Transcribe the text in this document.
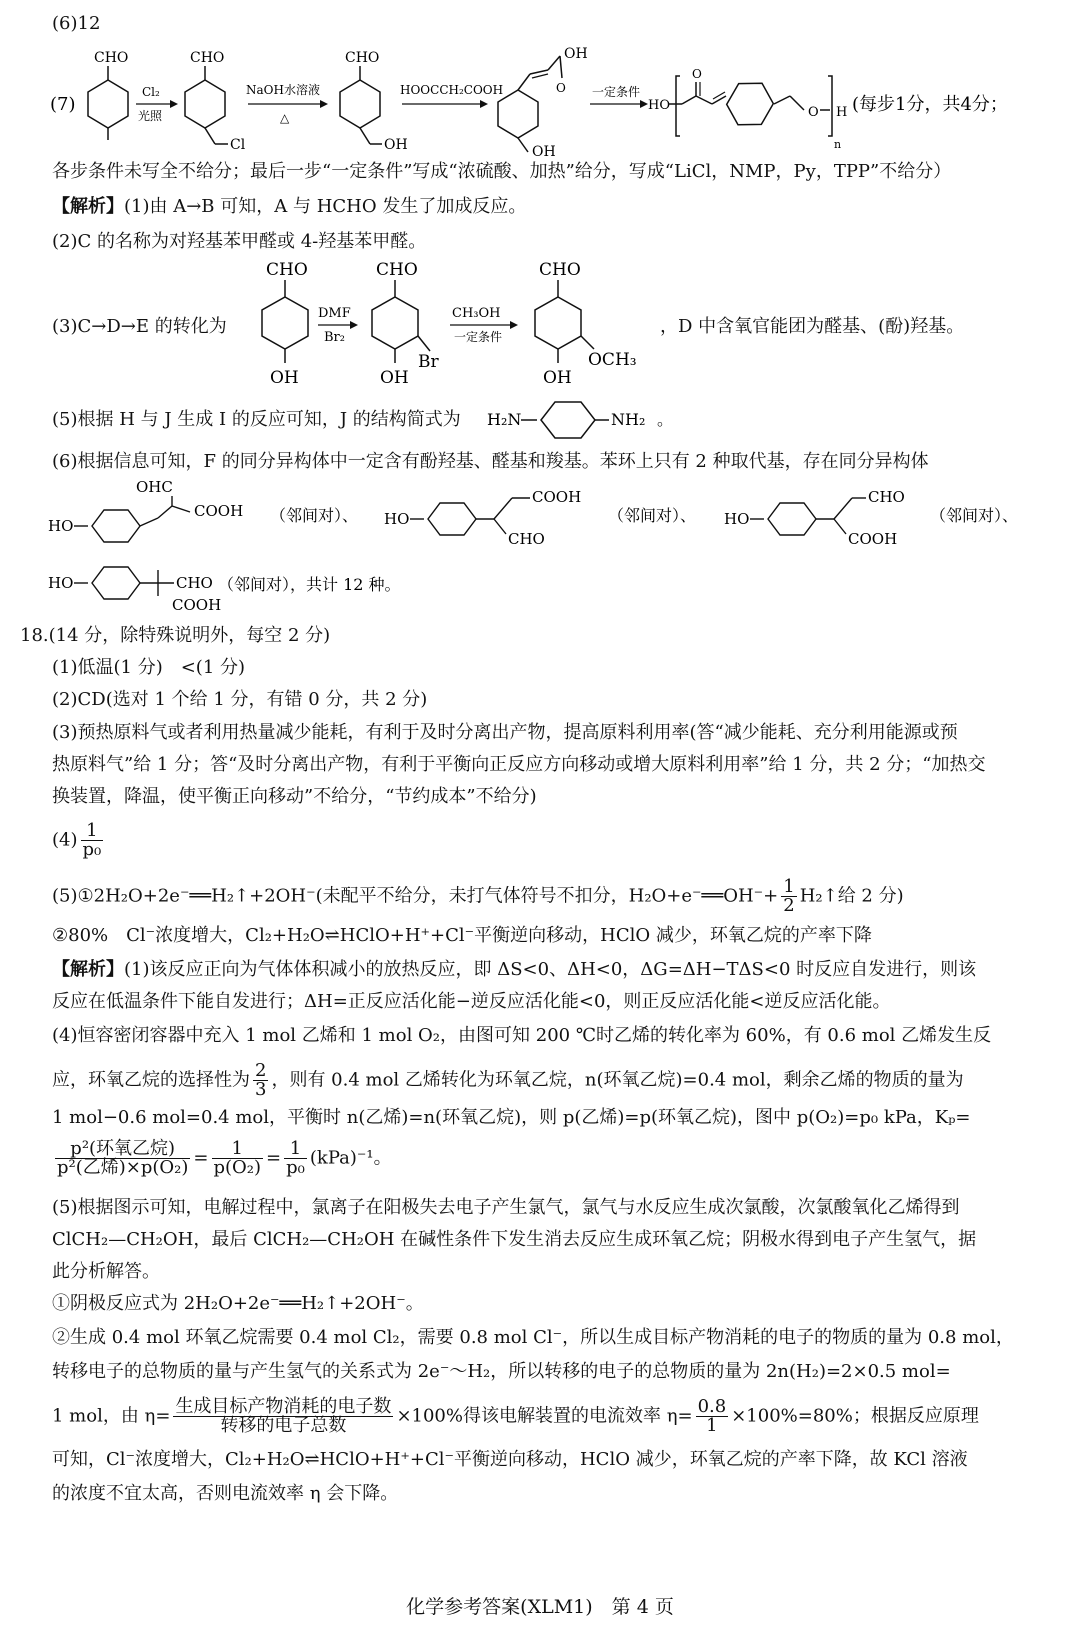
(6)12
(7)
CHO
Cl₂
光照
CHO
Cl
NaOH水溶液
△
CHO
OH
HOOCCH₂COOH
OH
O
OH
一定条件
HO
O
O H
n
(每步1分，共4分；
各步条件未写全不给分；最后一步“一定条件”写成“浓硫酸、加热”给分，写成“LiCl，NMP，Py，TPP”不给分）
【解析】(1)由 A→B 可知，A 与 HCHO 发生了加成反应。
(2)C 的名称为对羟基苯甲醛或 4-羟基苯甲醛。
(3)C→D→E 的转化为
CHO
OH
DMF
Br₂
CHO
OH
Br
CH₃OH
一定条件
CHO
OH
OCH₃
，D 中含氧官能团为醛基、(酚)羟基。
(5)根据 H 与 J 生成 I 的反应可知，J 的结构简式为	H₂N	NH₂ 。
(6)根据信息可知，F 的同分异构体中一定含有酚羟基、醛基和羧基。苯环上只有 2 种取代基，存在同分异构体
HO
OHC
COOH （邻间对）、 HO
COOH
CHO
（邻间对）、 HO
CHO
COOH
（邻间对）、
HO	CHO
COOH
（邻间对），共计 12 种。
18.(14 分，除特殊说明外，每空 2 分)
(1)低温(1 分)　<(1 分)
(2)CD(选对 1 个给 1 分，有错 0 分，共 2 分)
(3)预热原料气或者利用热量减少能耗，有利于及时分离出产物，提高原料利用率(答“减少能耗、充分利用能源或预
热原料气”给 1 分；答“及时分离出产物，有利于平衡向正反应方向移动或增大原料利用率”给 1 分，共 2 分；“加热交
换装置，降温，使平衡正向移动”不给分，“节约成本”不给分)
$(4) \frac{1}{\text{p₀}}$
(5)①2H₂O+2e⁻══H₂↑+2OH⁻(未配平不给分，未打气体符号不扣分，H₂O+e⁻══OH⁻+ $\frac{1}{2}$ H₂↑给 2 分)
②80%　Cl⁻浓度增大，Cl₂+H₂O⇌HClO+H⁺+Cl⁻平衡逆向移动，HClO 减少，环氧乙烷的产率下降
【解析】(1)该反应正向为气体体积减小的放热反应，即 ΔS<0、ΔH<0，ΔG=ΔH−TΔS<0 时反应自发进行，则该
反应在低温条件下能自发进行；ΔH=正反应活化能−逆反应活化能<0，则正反应活化能<逆反应活化能。
(4)恒容密闭容器中充入 1 mol 乙烯和 1 mol O₂，由图可知 200 ℃时乙烯的转化率为 60%，有 0.6 mol 乙烯发生反
应，环氧乙烷的选择性为 $\frac{2}{3}$ ，则有 0.4 mol 乙烯转化为环氧乙烷，n(环氧乙烷)=0.4 mol，剩余乙烯的物质的量为
1 mol−0.6 mol=0.4 mol，平衡时 n(乙烯)=n(环氧乙烷)，则 p(乙烯)=p(环氧乙烷)，图中 p(O₂)=p₀ kPa，Kₚ=
$\frac{\text{p²(环氧乙烷)}}{\text{p²(乙烯)×p(O₂)}} = \frac{1}{\text{p(O₂)}} = \frac{1}{\text{p₀}} (kPa)^{-1}$。
(5)根据图示可知，电解过程中，氯离子在阳极失去电子产生氯气，氯气与水反应生成次氯酸，次氯酸氧化乙烯得到
ClCH₂—CH₂OH，最后 ClCH₂—CH₂OH 在碱性条件下发生消去反应生成环氧乙烷；阴极水得到电子产生氢气，据
此分析解答。
①阴极反应式为 2H₂O+2e⁻══H₂↑+2OH⁻。
②生成 0.4 mol 环氧乙烷需要 0.4 mol Cl₂，需要 0.8 mol Cl⁻，所以生成目标产物消耗的电子的物质的量为 0.8 mol，
转移电子的总物质的量与产生氢气的关系式为 2e⁻～H₂，所以转移的电子的总物质的量为 2n(H₂)=2×0.5 mol=
1 mol，由 $\eta= \frac{\text{生成目标产物消耗的电子数}}{\text{转移的电子总数}} \times 100\%$得该电解装置的电流效率 $\eta= \frac{0.8}{1} \times 100\%=80\%$；根据反应原理
可知，Cl⁻浓度增大，Cl₂+H₂O⇌HClO+H⁺+Cl⁻平衡逆向移动，HClO 减少，环氧乙烷的产率下降，故 KCl 溶液
的浓度不宜太高，否则电流效率 η 会下降。
化学参考答案(XLM1)　第 4 页
